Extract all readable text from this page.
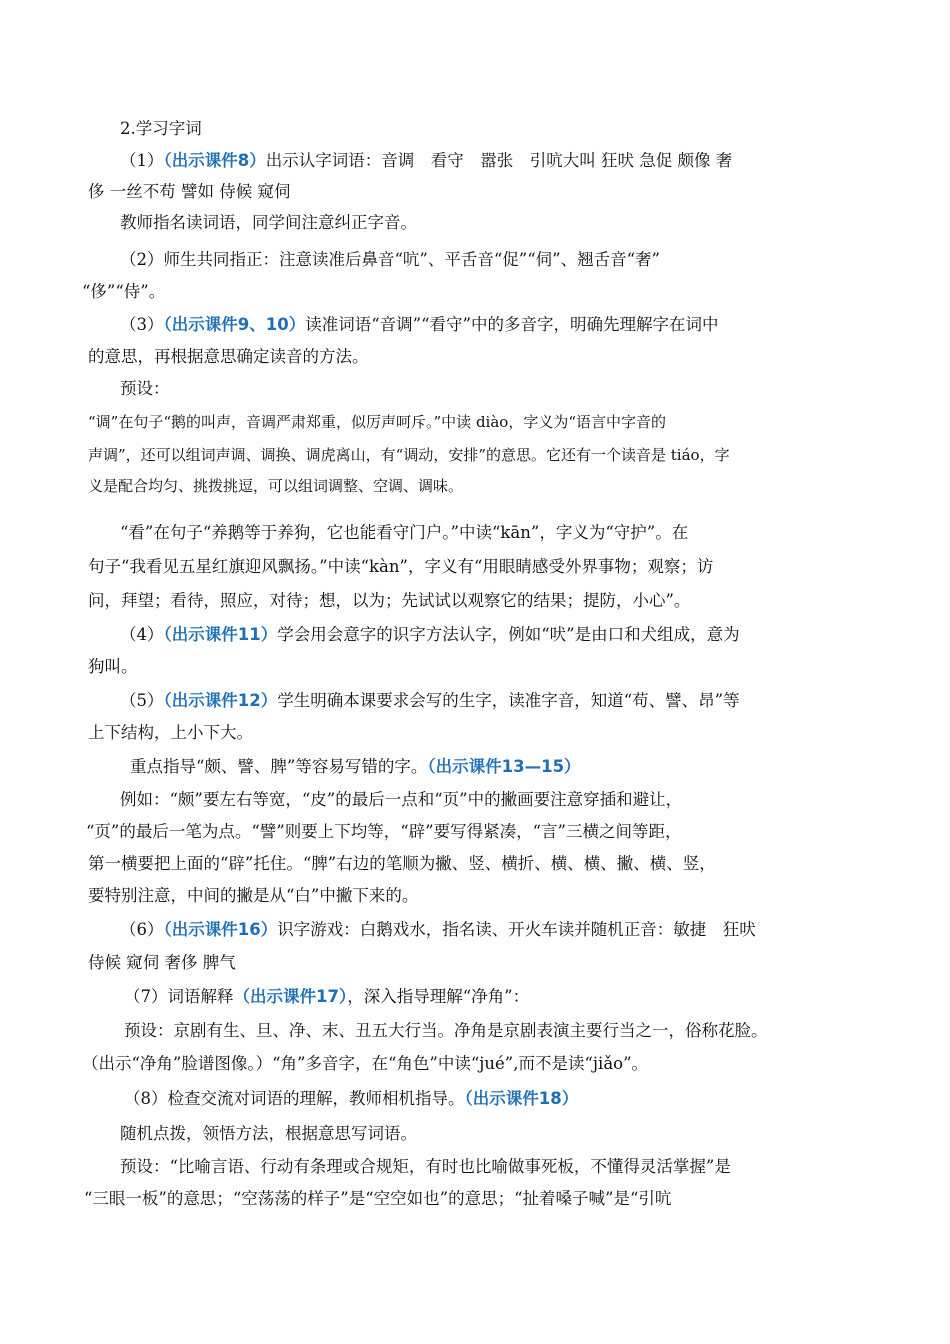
2.学习字词
（1）（出示课件8）出示认字词语：音调　看守　嚣张　引吭大叫 狂吠 急促 颇像 奢
侈 一丝不苟 譬如 侍候 窥伺
教师指名读词语，同学间注意纠正字音。
（2）师生共同指正：注意读准后鼻音“吭”、平舌音“促”“伺”、翘舌音“奢”
“侈”“侍”。
（3）（出示课件9、10）读准词语“音调”“看守”中的多音字，明确先理解字在词中
的意思，再根据意思确定读音的方法。
预设：
“调”在句子“鹅的叫声，音调严肃郑重，似厉声呵斥。”中读 diào，字义为“语言中字音的
声调”，还可以组词声调、调换、调虎离山，有“调动，安排”的意思。它还有一个读音是 tiáo，字
义是配合均匀、挑拨挑逗，可以组词调整、空调、调味。
“看”在句子“养鹅等于养狗，它也能看守门户。”中读“kān”，字义为“守护”。在
句子“我看见五星红旗迎风飘扬。”中读“kàn”，字义有“用眼睛感受外界事物；观察；访
问，拜望；看待，照应，对待；想，以为；先试试以观察它的结果；提防，小心”。
（4）（出示课件11）学会用会意字的识字方法认字，例如“吠”是由口和犬组成，意为
狗叫。
（5）（出示课件12）学生明确本课要求会写的生字，读准字音，知道“苟、譬、昂”等
上下结构，上小下大。
重点指导“颇、譬、脾”等容易写错的字。（出示课件13—15）
例如：“颇”要左右等宽，“皮”的最后一点和“页”中的撇画要注意穿插和避让，
“页”的最后一笔为点。“譬”则要上下均等，“辟”要写得紧凑，“言”三横之间等距，
第一横要把上面的“辟”托住。“脾”右边的笔顺为撇、竖、横折、横、横、撇、横、竖，
要特别注意，中间的撇是从“白”中撇下来的。
（6）（出示课件16）识字游戏：白鹅戏水，指名读、开火车读并随机正音：敏捷　狂吠
侍候 窥伺 奢侈 脾气
（7）词语解释（出示课件17），深入指导理解“净角”：
预设：京剧有生、旦、净、末、丑五大行当。净角是京剧表演主要行当之一，俗称花脸。
（出示“净角”脸谱图像。）“角”多音字，在“角色”中读“jué”,而不是读“jiǎo”。
（8）检查交流对词语的理解，教师相机指导。（出示课件18）
随机点拨，领悟方法，根据意思写词语。
预设：“比喻言语、行动有条理或合规矩，有时也比喻做事死板，不懂得灵活掌握”是
“三眼一板”的意思；“空荡荡的样子”是“空空如也”的意思；“扯着嗓子喊”是“引吭
